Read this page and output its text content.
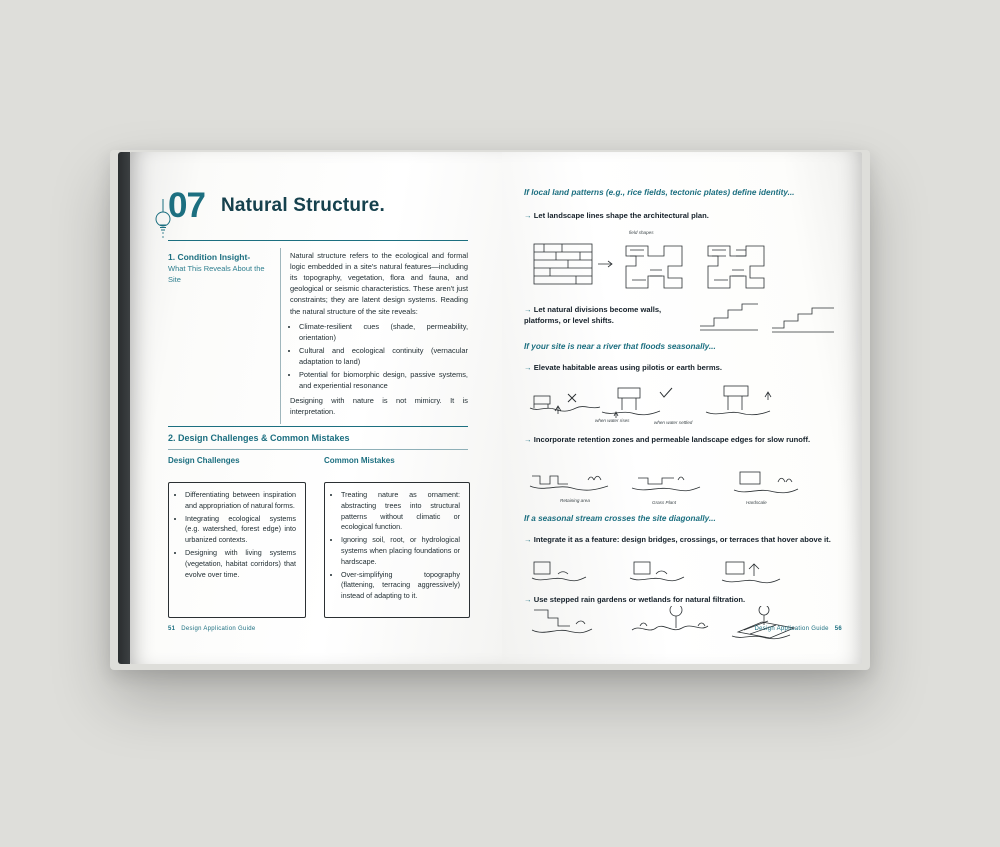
07 Natural Structure.
1. Condition Insight-
What This Reveals About the Site

Natural structure refers to the ecological and formal logic embedded in a site's natural features—including its topography, vegetation, flora and fauna, and geological or seismic characteristics. These aren't just constraints; they are latent design systems. Reading the natural structure of the site reveals:

• Climate-resilient cues (shade, permeability, orientation)
• Cultural and ecological continuity (vernacular adaptation to land)
• Potential for biomorphic design, passive systems, and experiential resonance

Designing with nature is not mimicry. It is interpretation.

2. Design Challenges & Common Mistakes
Design Challenges	Common Mistakes
• Differentiating between inspiration and appropriation of natural forms.
• Integrating ecological systems (e.g. watershed, forest edge) into urbanized contexts.
• Designing with living systems (vegetation, habitat corridors) that evolve over time.
• Treating nature as ornament: abstracting trees into structural patterns without climatic or ecological function.
• Ignoring soil, root, or hydrological systems when placing foundations or hardscape.
• Over-simplifying topography (flattening, terracing aggressively) instead of adapting to it.
51 Design Application Guide
If local land patterns (e.g., rice fields, tectonic plates) define identity...
→ Let landscape lines shape the architectural plan.
field shapes
→ Let natural divisions become walls, platforms, or level shifts.
If your site is near a river that floods seasonally...
→ Elevate habitable areas using pilotis or earth berms.
when water rises	when water settled
→ Incorporate retention zones and permeable landscape edges for slow runoff.
Retaining area	Grass Plant	Hardscale
If a seasonal stream crosses the site diagonally...
→ Integrate it as a feature: design bridges, crossings, or terraces that hover above it.
→ Use stepped rain gardens or wetlands for natural filtration.
Design Application Guide 56
